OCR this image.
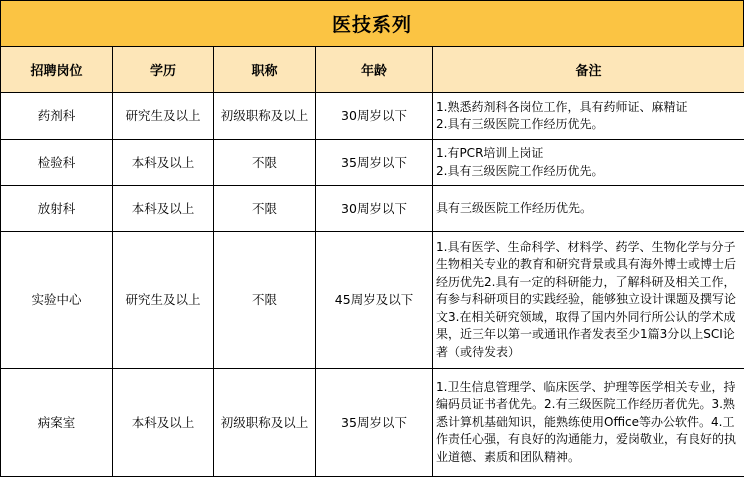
医技系列
招聘岗位	学历	职称	年龄	备注
药剂科	研究生及以上	初级职称及以上	30周岁以下	1.熟悉药剂科各岗位工作，具有药师证、麻精证
2.具有三级医院工作经历优先。
检验科	本科及以上	不限	35周岁以下	1.有PCR培训上岗证
2.具有三级医院工作经历优先。
放射科	本科及以上	不限	30周岁以下	具有三级医院工作经历优先。
实验中心	研究生及以上	不限	45周岁及以下	1.具有医学、生命科学、材料学、药学、生物化学与分子生物相关专业的教育和研究背景或具有海外博士或博士后经历优先2.具有一定的科研能力，了解科研及相关工作，有参与科研项目的实践经验，能够独立设计课题及撰写论文3.在相关研究领域，取得了国内外同行所公认的学术成果，近三年以第一或通讯作者发表至少1篇3分以上SCI论著（或待发表）
病案室	本科及以上	初级职称及以上	35周岁以下	1.卫生信息管理学、临床医学、护理等医学相关专业，持编码员证书者优先。2.有三级医院工作经历者优先。3.熟悉计算机基础知识，能熟练使用Office等办公软件。4.工作责任心强，有良好的沟通能力，爱岗敬业，有良好的执业道德、素质和团队精神。
